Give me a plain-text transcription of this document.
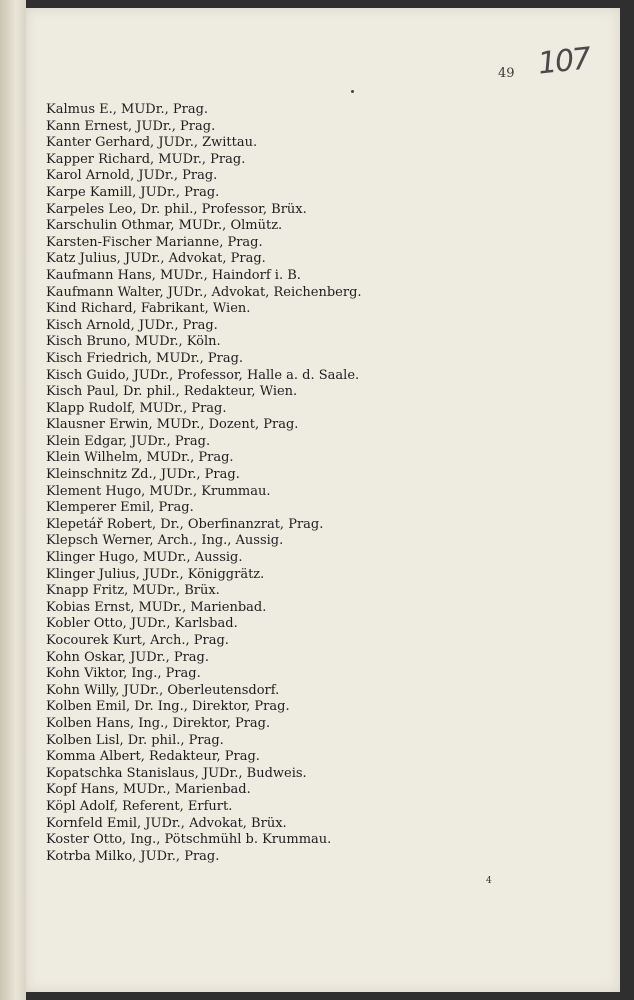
107
49
Kalmus E., MUDr., Prag.
Kann Ernest, JUDr., Prag.
Kanter Gerhard, JUDr., Zwittau.
Kapper Richard, MUDr., Prag.
Karol Arnold, JUDr., Prag.
Karpe Kamill, JUDr., Prag.
Karpeles Leo, Dr. phil., Professor, Brüx.
Karschulin Othmar, MUDr., Olmütz.
Karsten-Fischer Marianne, Prag.
Katz Julius, JUDr., Advokat, Prag.
Kaufmann Hans, MUDr., Haindorf i. B.
Kaufmann Walter, JUDr., Advokat, Reichenberg.
Kind Richard, Fabrikant, Wien.
Kisch Arnold, JUDr., Prag.
Kisch Bruno, MUDr., Köln.
Kisch Friedrich, MUDr., Prag.
Kisch Guido, JUDr., Professor, Halle a. d. Saale.
Kisch Paul, Dr. phil., Redakteur, Wien.
Klapp Rudolf, MUDr., Prag.
Klausner Erwin, MUDr., Dozent, Prag.
Klein Edgar, JUDr., Prag.
Klein Wilhelm, MUDr., Prag.
Kleinschnitz Zd., JUDr., Prag.
Klement Hugo, MUDr., Krummau.
Klemperer Emil, Prag.
Klepetář Robert, Dr., Oberfinanzrat, Prag.
Klepsch Werner, Arch., Ing., Aussig.
Klinger Hugo, MUDr., Aussig.
Klinger Julius, JUDr., Königgrätz.
Knapp Fritz, MUDr., Brüx.
Kobias Ernst, MUDr., Marienbad.
Kobler Otto, JUDr., Karlsbad.
Kocourek Kurt, Arch., Prag.
Kohn Oskar, JUDr., Prag.
Kohn Viktor, Ing., Prag.
Kohn Willy, JUDr., Oberleutensdorf.
Kolben Emil, Dr. Ing., Direktor, Prag.
Kolben Hans, Ing., Direktor, Prag.
Kolben Lisl, Dr. phil., Prag.
Komma Albert, Redakteur, Prag.
Kopatschka Stanislaus, JUDr., Budweis.
Kopf Hans, MUDr., Marienbad.
Köpl Adolf, Referent, Erfurt.
Kornfeld Emil, JUDr., Advokat, Brüx.
Koster Otto, Ing., Pötschmühl b. Krummau.
Kotrba Milko, JUDr., Prag.
4
